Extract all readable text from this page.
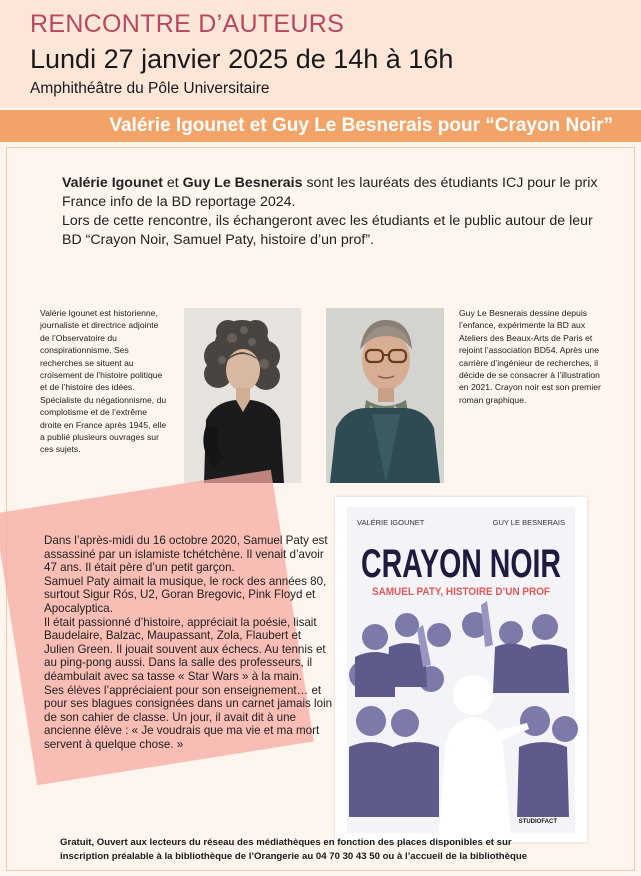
RENCONTRE D’AUTEURS
Lundi 27 janvier 2025 de 14h à 16h
Amphithéâtre du Pôle Universitaire
Valérie Igounet et Guy Le Besnerais pour “Crayon Noir”

Valérie Igounet et Guy Le Besnerais sont les lauréats des étudiants ICJ pour le prix France info de la BD reportage 2024.

Lors de cette rencontre, ils échangeront avec les étudiants et le public autour de leur BD “Crayon Noir, Samuel Paty, histoire d’un prof”.

Valérie Igounet est historienne, journaliste et directrice adjointe de l’Observatoire du conspirationnisme. Ses recherches se situent au croisement de l’histoire politique et de l’histoire des idées. Spécialiste du négationnisme, du complotisme et de l’extrême droite en France après 1945, elle a publié plusieurs ouvrages sur ces sujets.
Guy Le Besnerais dessine depuis l’enfance, expérimente la BD aux Ateliers des Beaux-Arts de Paris et rejoint l’association BD54. Après une carrière d’ingénieur de recherches, il décide de se consacrer à l’illustration en 2021. Crayon noir est son premier roman graphique.

Dans l’après-midi du 16 octobre 2020, Samuel Paty est assassiné par un islamiste tchétchène. Il venait d’avoir 47 ans. Il était père d’un petit garçon.

Samuel Paty aimait la musique, le rock des années 80, surtout Sigur Rós, U2, Goran Bregovic, Pink Floyd et Apocalyptica.

Il était passionné d’histoire, appréciait la poésie, lisait Baudelaire, Balzac, Maupassant, Zola, Flaubert et Julien Green. Il jouait souvent aux échecs. Au tennis et au ping-pong aussi. Dans la salle des professeurs, il déambulait avec sa tasse « Star Wars » à la main.

Ses élèves l’appréciaient pour son enseignement… et pour ses blagues consignées dans un carnet jamais loin de son cahier de classe. Un jour, il avait dit à une ancienne élève : « Je voudrais que ma vie et ma mort servent à quelque chose. »

VALÉRIE IGOUNET	GUY LE BESNERAIS
CRAYON NOIR
SAMUEL PATY, HISTOIRE D’UN PROF
STUDIOFACT

Gratuit, Ouvert aux lecteurs du réseau des médiathèques en fonction des places disponibles et sur

inscription préalable à la bibliothèque de l’Orangerie au 04 70 30 43 50 ou à l’accueil de la bibliothèque
